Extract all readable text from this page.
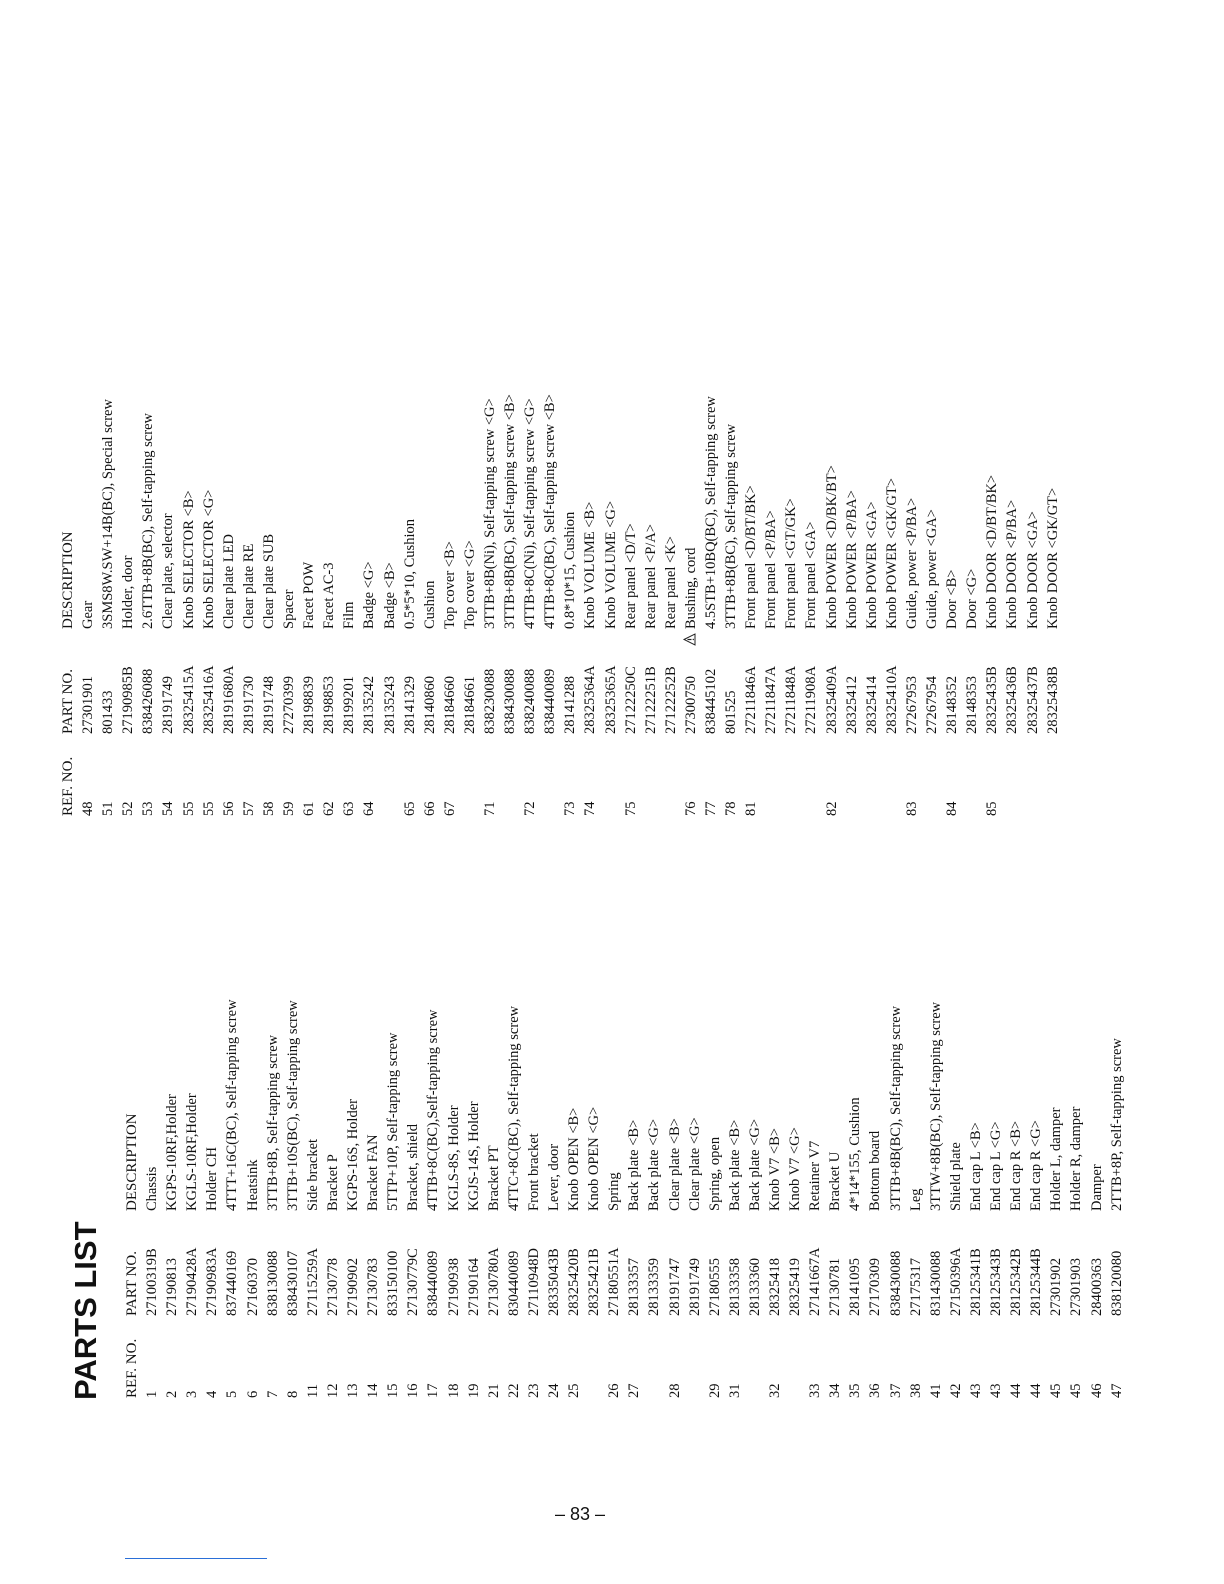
PARTS LIST REF. NO.
PART NO.
DESCRIPTION
1
27100319B
Chassis
2
27190813
KGPS-10RF,Holder
3
27190428A
KGLS-10RF,Holder
4
27190983A
Holder CH
5
837440169
4TTT+16C(BC), Self-tapping screw
6
27160370
Heatsink
7
838130088
3TTB+8B, Self-tapping screw
8
838430107
3TTB+10S(BC), Self-tapping screw
11
27115259A
Side bracket
12
27130778
Bracket P
13
27190902
KGPS-16S, Holder
14
27130783
Bracket FAN
15
833150100
5TTP+10P, Self-tapping screw
16
27130779C
Bracket, shield
17
838440089
4TTB+8C(BC),Self-tapping screw
18
27190938
KGLS-8S, Holder
19
27190164
KGJS-14S, Holder
21
27130780A
Bracket PT
22
830440089
4TTC+8C(BC), Self-tapping screw
23
27110948D
Front bracket
24
28335043B
Lever, door
25
28325420B
Knob OPEN <B>
28325421B
Knob OPEN <G>
26
27180551A
Spring
27
28133357
Back plate <B>
28133359
Back plate <G>
28
28191747
Clear plate <B>
28191749
Clear plate <G>
29
27180555
Spring, open
31
28133358
Back plate <B>
28133360
Back plate <G>
32
28325418
Knob V7 <B>
28325419
Knob V7 <G>
33
27141667A
Retainer V7
34
27130781
Bracket U
35
28141095
4*14*155, Cushion
36
27170309
Bottom board
37
838430088
3TTB+8B(BC), Self-tapping screw
38
27175317
Leg
41
831430088
3TTW+8B(BC), Self-tapping screw
42
27150396A
Shield plate
43
28125341B
End cap L <B>
43
28125343B
End cap L <G>
44
28125342B
End cap R <B>
44
28125344B
End cap R <G>
45
27301902
Holder L, damper
45
27301903
Holder R, damper
46
28400363
Damper
47
838120080
2TTB+8P, Self-tapping screw
REF. NO.
PART NO.
DESCRIPTION
48
27301901
Gear
51
801433
3SMS8W.SW+14B(BC), Special screw
52
27190985B
Holder, door
53
838426088
2.6TTB+8B(BC), Self-tapping screw
54
28191749
Clear plate, selector
55
28325415A
Knob SELECTOR <B>
55
28325416A
Knob SELECTOR <G>
56
28191680A
Clear plate LED
57
28191730
Clear plate RE
58
28191748
Clear plate SUB
59
27270399
Spacer
61
28198839
Facet POW
62
28198853
Facet AC-3
63
28199201
Film
64
28135242
Badge <G>
28135243
Badge <B>
65
28141329
0.5*5*10, Cushion
66
28140860
Cushion
67
28184660
Top cover <B>
28184661
Top cover <G>
71
838230088
3TTB+8B(Ni), Self-tapping screw <G>
838430088
3TTB+8B(BC), Self-tapping screw <B>
72
838240088
4TTB+8C(Ni), Self-tapping screw <G>
838440089
4TTB+8C(BC), Self-tapping screw <B>
73
28141288
0.8*10*15, Cushion
74
28325364A
Knob VOLUME <B>
28325365A
Knob VOLUME <G>
75
27122250C
Rear panel <D/T>
27122251B
Rear panel <P/A>
27122252B
Rear panel <K>
76
27300750
Bushing, cord
77
838445102
4.5STB+10BQ(BC), Self-tapping screw
78
801525
3TTB+8B(BC), Self-tapping screw
81
27211846A
Front panel <D/BT/BK>
27211847A
Front panel <P/BA>
27211848A
Front panel <GT/GK>
27211908A
Front panel <GA>
82
28325409A
Knob POWER <D/BK/BT>
28325412
Knob POWER <P/BA>
28325414
Knob POWER <GA>
28325410A
Knob POWER <GK/GT>
83
27267953
Guide, power <P/BA>
27267954
Guide, power <GA>
84
28148352
Door <B>
28148353
Door <G>
85
28325435B
Knob DOOR <D/BT/BK>
28325436B
Knob DOOR <P/BA>
28325437B
Knob DOOR <GA>
28325438B
Knob DOOR <GK/GT>
– 83 –
